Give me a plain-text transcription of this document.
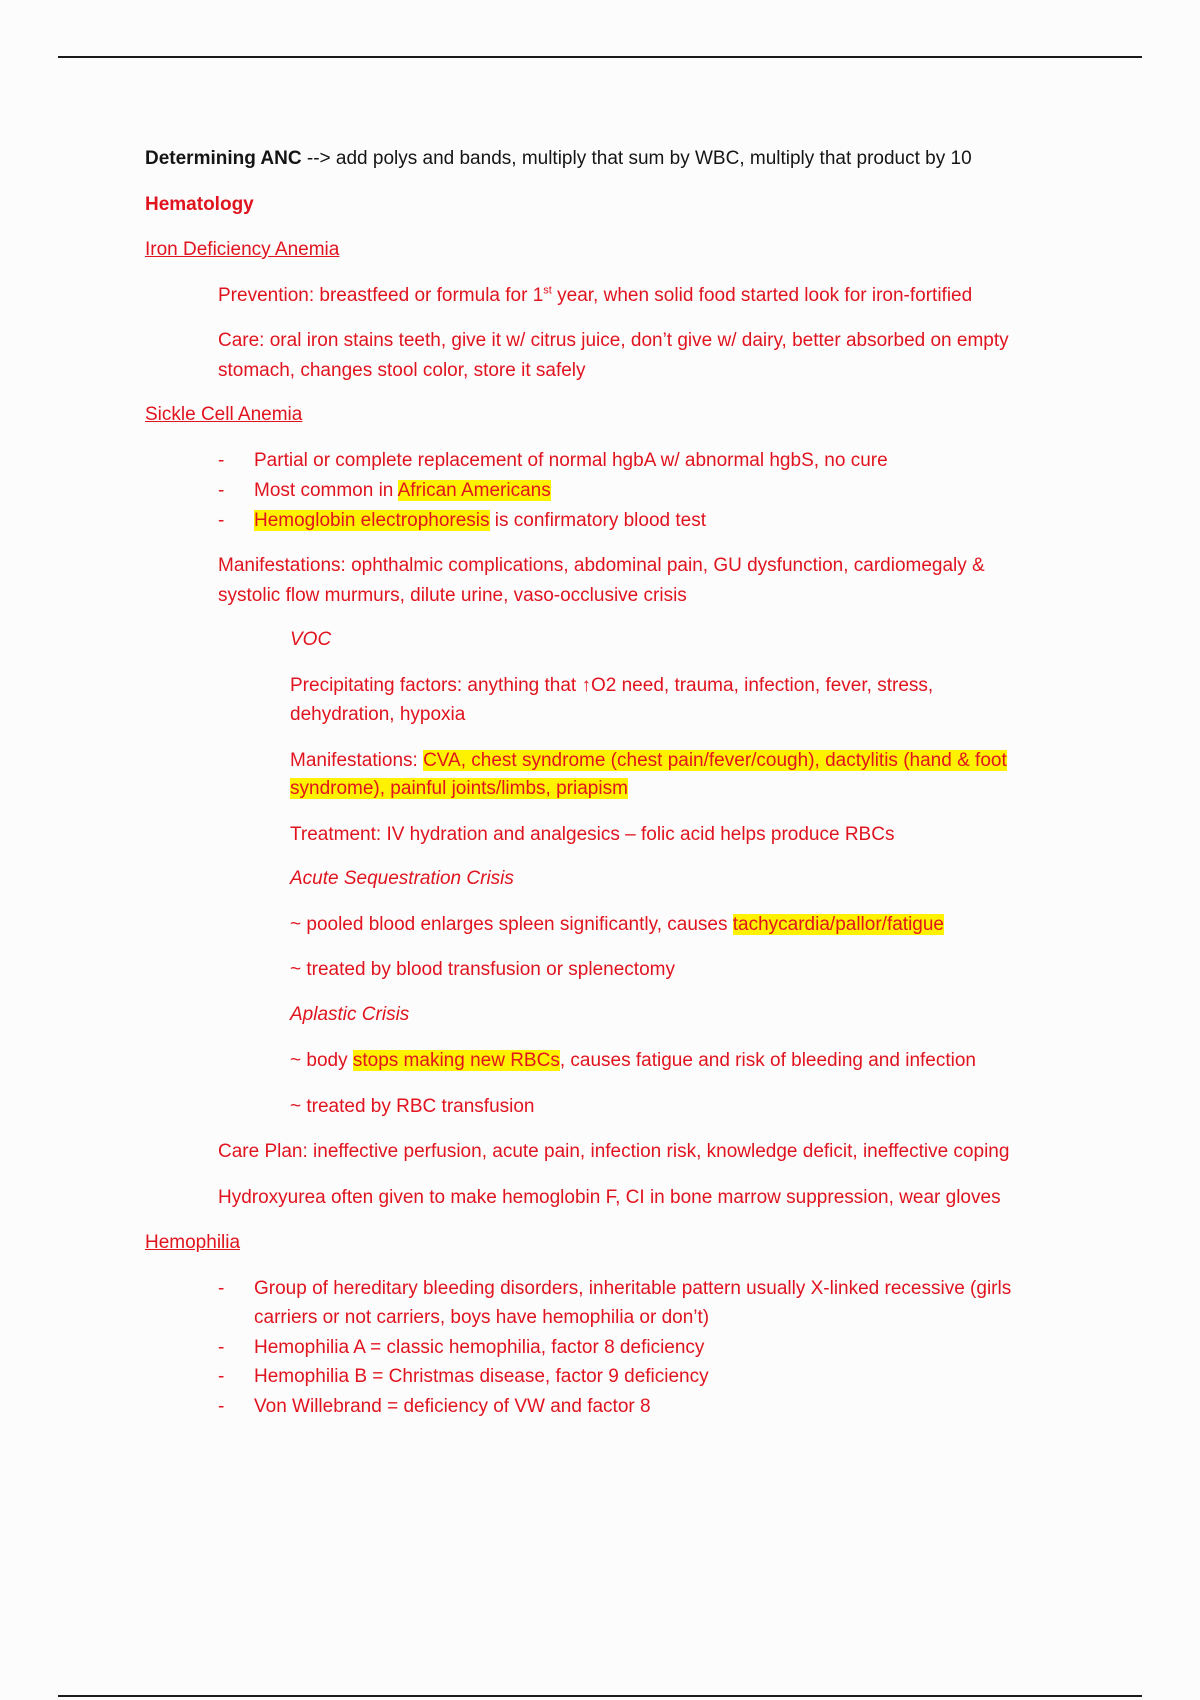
Determining ANC --> add polys and bands, multiply that sum by WBC, multiply that product by 10
Hematology
Iron Deficiency Anemia
Prevention: breastfeed or formula for 1st year, when solid food started look for iron-fortified
Care: oral iron stains teeth, give it w/ citrus juice, don’t give w/ dairy, better absorbed on empty
stomach, changes stool color, store it safely
Sickle Cell Anemia
- Partial or complete replacement of normal hgbA w/ abnormal hgbS, no cure
- Most common in African Americans
- Hemoglobin electrophoresis is confirmatory blood test
Manifestations: ophthalmic complications, abdominal pain, GU dysfunction, cardiomegaly &
systolic flow murmurs, dilute urine, vaso-occlusive crisis
VOC
Precipitating factors: anything that ↑O2 need, trauma, infection, fever, stress,
dehydration, hypoxia
Manifestations: CVA, chest syndrome (chest pain/fever/cough), dactylitis (hand & foot
syndrome), painful joints/limbs, priapism
Treatment: IV hydration and analgesics – folic acid helps produce RBCs
Acute Sequestration Crisis
~ pooled blood enlarges spleen significantly, causes tachycardia/pallor/fatigue
~ treated by blood transfusion or splenectomy
Aplastic Crisis
~ body stops making new RBCs, causes fatigue and risk of bleeding and infection
~ treated by RBC transfusion
Care Plan: ineffective perfusion, acute pain, infection risk, knowledge deficit, ineffective coping
Hydroxyurea often given to make hemoglobin F, CI in bone marrow suppression, wear gloves
Hemophilia
- Group of hereditary bleeding disorders, inheritable pattern usually X-linked recessive (girls
carriers or not carriers, boys have hemophilia or don’t)
- Hemophilia A = classic hemophilia, factor 8 deficiency
- Hemophilia B = Christmas disease, factor 9 deficiency
- Von Willebrand = deficiency of VW and factor 8
